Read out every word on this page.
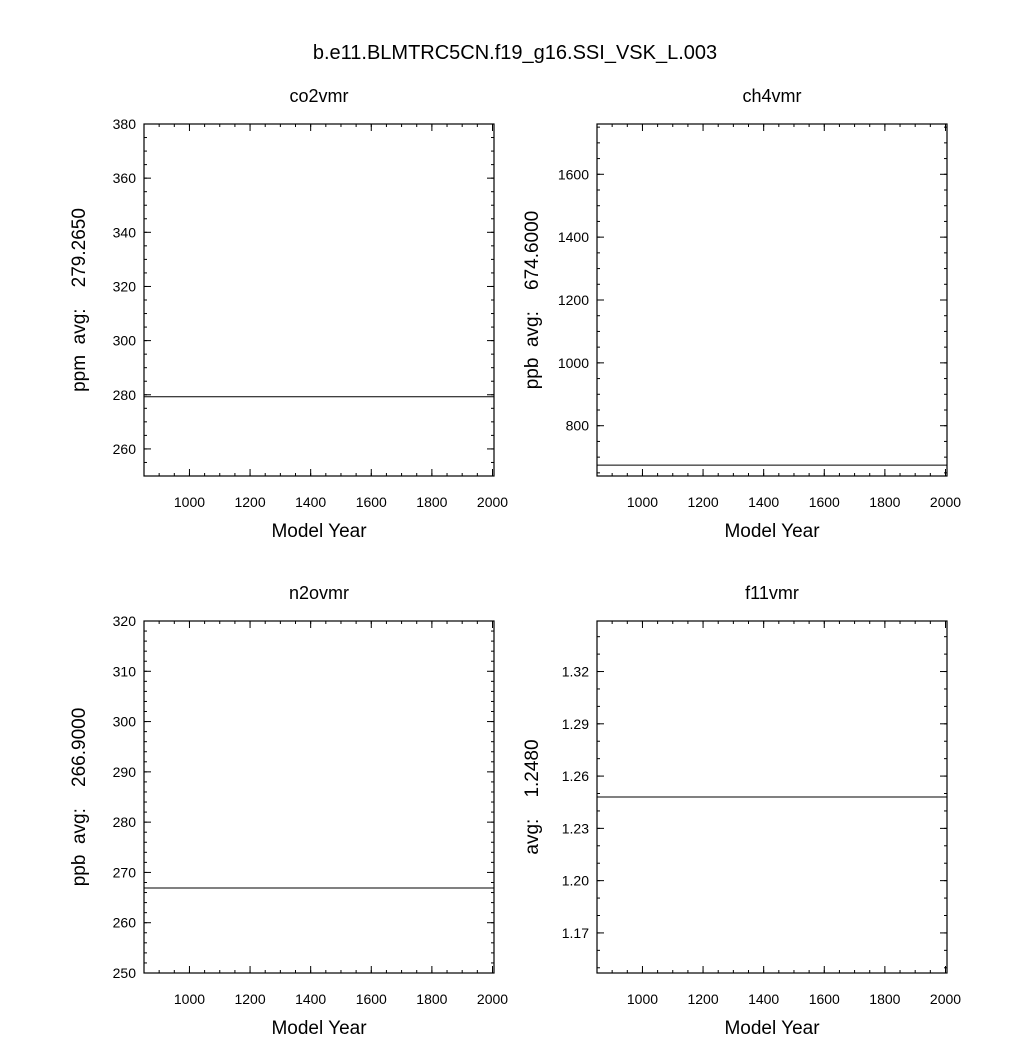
b.e11.BLMTRC5CN.f19_g16.SSI_VSK_L.003
co2vmr
1000 1200 1400 1600 1800 2000
260
280
300
320
340
360
380
Model Year
ppm  avg:    279.2650
ch4vmr
1000 1200 1400 1600 1800 2000
800
1000
1200
1400
1600
Model Year
ppb  avg:    674.6000
n2ovmr
1000 1200 1400 1600 1800 2000
250
260
270
280
290
300
310
320
Model Year
ppb  avg:    266.9000
f11vmr
1000 1200 1400 1600 1800 2000
1.17
1.20
1.23
1.26
1.29
1.32
Model Year
avg:    1.2480
